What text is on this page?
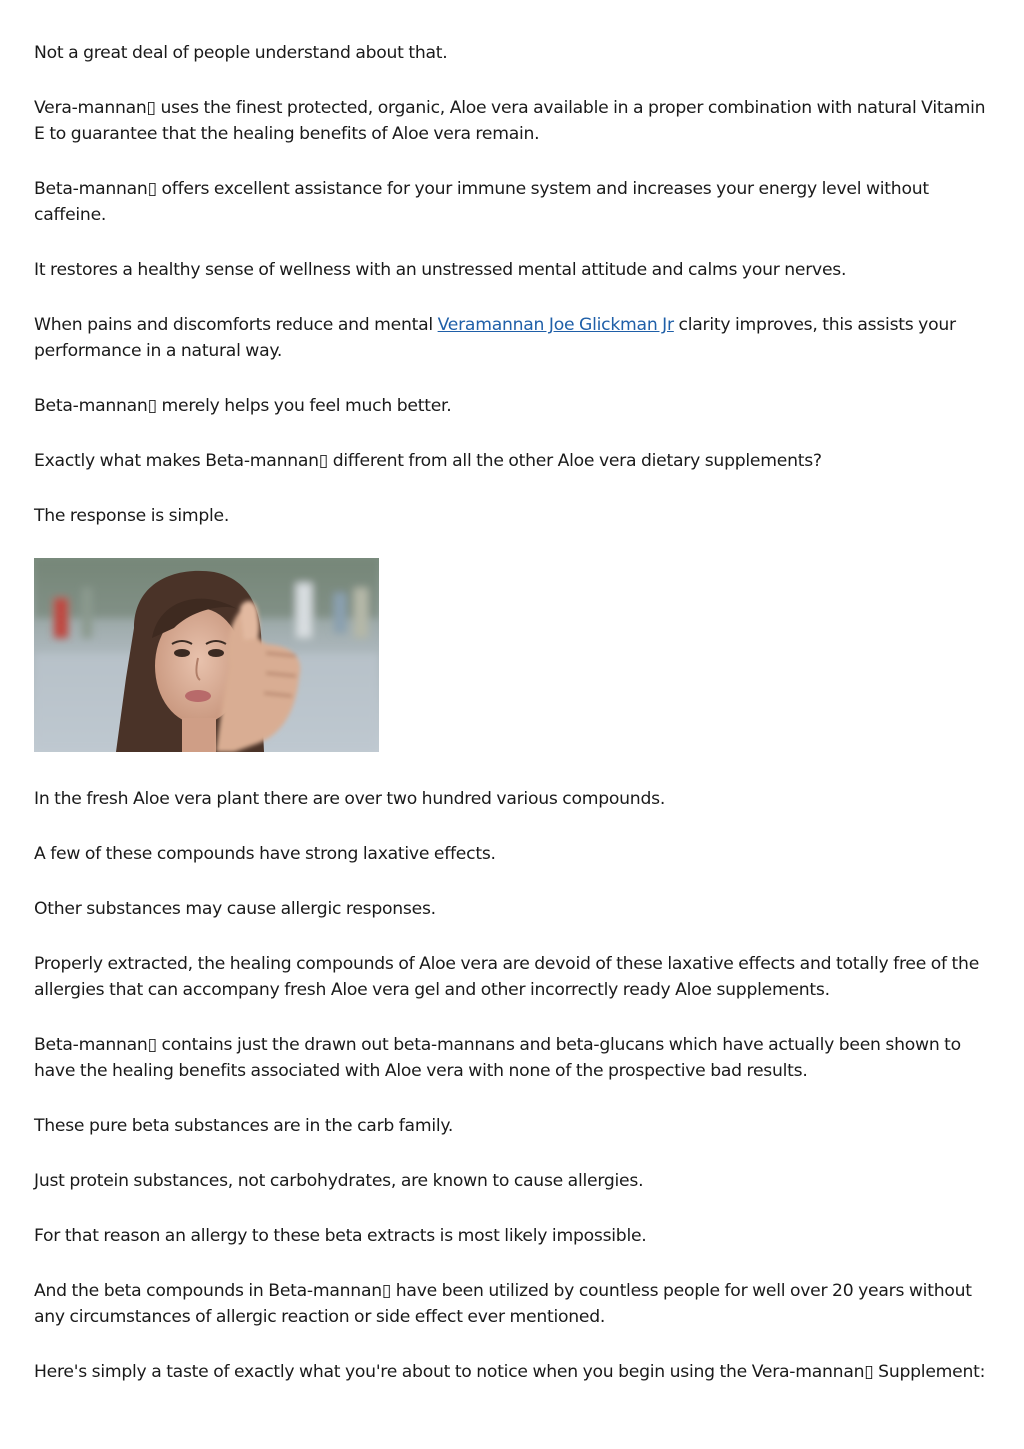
Not a great deal of people understand about that.

Vera-mannan▯ uses the finest protected, organic, Aloe vera available in a proper combination with natural Vitamin E to guarantee that the healing benefits of Aloe vera remain.

Beta-mannan▯ offers excellent assistance for your immune system and increases your energy level without caffeine.

It restores a healthy sense of wellness with an unstressed mental attitude and calms your nerves.

When pains and discomforts reduce and mental Veramannan Joe Glickman Jr clarity improves, this assists your performance in a natural way.

Beta-mannan▯ merely helps you feel much better.

Exactly what makes Beta-mannan▯ different from all the other Aloe vera dietary supplements?

The response is simple.

In the fresh Aloe vera plant there are over two hundred various compounds.

A few of these compounds have strong laxative effects.

Other substances may cause allergic responses.

Properly extracted, the healing compounds of Aloe vera are devoid of these laxative effects and totally free of the allergies that can accompany fresh Aloe vera gel and other incorrectly ready Aloe supplements.

Beta-mannan▯ contains just the drawn out beta-mannans and beta-glucans which have actually been shown to have the healing benefits associated with Aloe vera with none of the prospective bad results.

These pure beta substances are in the carb family.

Just protein substances, not carbohydrates, are known to cause allergies.

For that reason an allergy to these beta extracts is most likely impossible.

And the beta compounds in Beta-mannan▯ have been utilized by countless people for well over 20 years without any circumstances of allergic reaction or side effect ever mentioned.

Here's simply a taste of exactly what you're about to notice when you begin using the Vera-mannan▯ Supplement:
